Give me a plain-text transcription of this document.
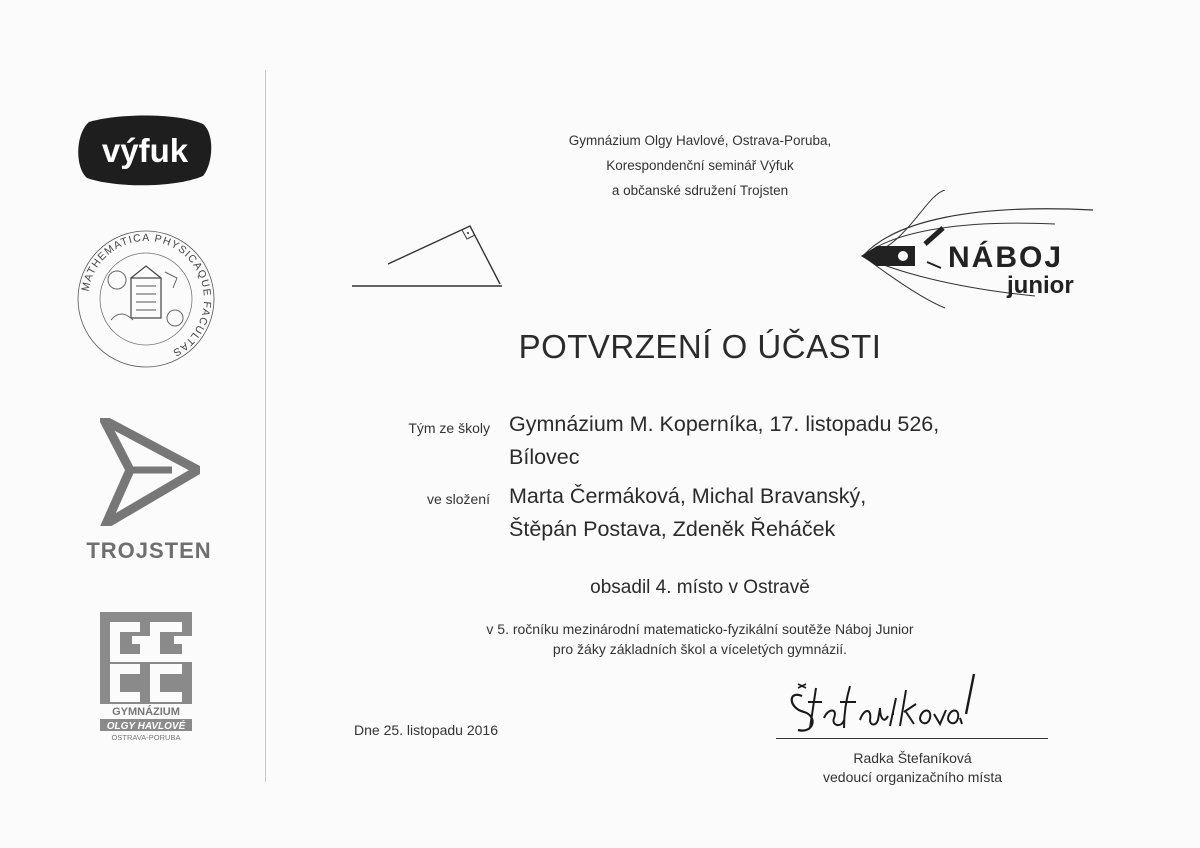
výfuk
MATHEMATICA PHYSICAQUE FACULTAS
TROJSTEN
GYMNÁZIUM
OLGY HAVLOVÉ
OSTRAVA-PORUBA
Gymnázium Olgy Havlové, Ostrava-Poruba,
Korespondenční seminář Výfuk
a občanské sdružení Trojsten
NÁBOJ
junior
POTVRZENÍ O ÚČASTI
Tým ze školy Gymnázium M. Koperníka, 17. listopadu 526,
Bílovec
ve složení Marta Čermáková, Michal Bravanský,
Štěpán Postava, Zdeněk Řeháček
obsadil 4. místo v Ostravě
v 5. ročníku mezinárodní matematicko-fyzikální soutěže Náboj Junior
pro žáky základních škol a víceletých gymnázií.
Dne 25. listopadu 2016
Radka Štefaníková
vedoucí organizačního místa
